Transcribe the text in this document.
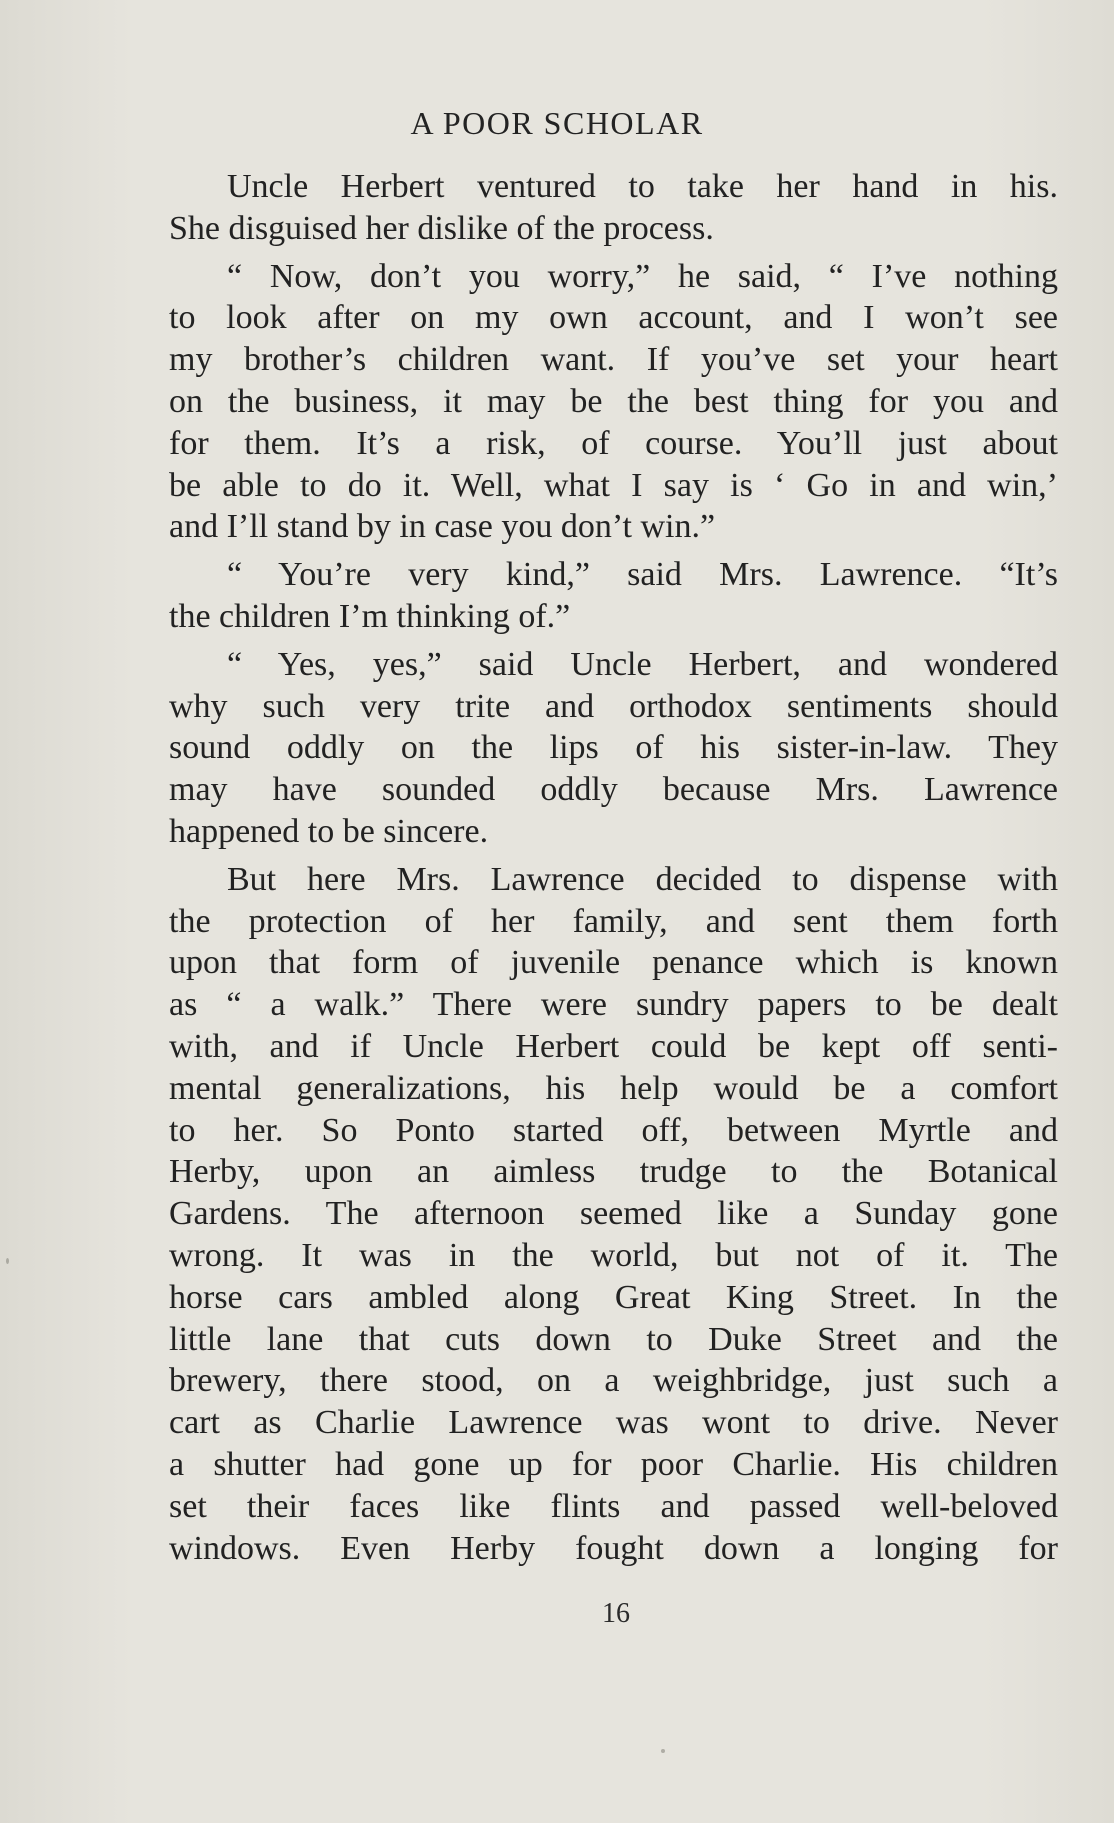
A POOR SCHOLAR
Uncle Herbert ventured to take her hand in his.
She disguised her dislike of the process.
“ Now, don’t you worry,” he said, “ I’ve nothing
to look after on my own account, and I won’t see
my brother’s children want. If you’ve set your heart
on the business, it may be the best thing for you and
for them. It’s a risk, of course. You’ll just about
be able to do it. Well, what I say is ‘ Go in and win,’
and I’ll stand by in case you don’t win.”
“ You’re very kind,” said Mrs. Lawrence. “It’s
the children I’m thinking of.”
“ Yes, yes,” said Uncle Herbert, and wondered
why such very trite and orthodox sentiments should
sound oddly on the lips of his sister-in-law. They
may have sounded oddly because Mrs. Lawrence
happened to be sincere.
But here Mrs. Lawrence decided to dispense with
the protection of her family, and sent them forth
upon that form of juvenile penance which is known
as “ a walk.” There were sundry papers to be dealt
with, and if Uncle Herbert could be kept off senti-
mental generalizations, his help would be a comfort
to her. So Ponto started off, between Myrtle and
Herby, upon an aimless trudge to the Botanical
Gardens. The afternoon seemed like a Sunday gone
wrong. It was in the world, but not of it. The
horse cars ambled along Great King Street. In the
little lane that cuts down to Duke Street and the
brewery, there stood, on a weighbridge, just such a
cart as Charlie Lawrence was wont to drive. Never
a shutter had gone up for poor Charlie. His children
set their faces like flints and passed well-beloved
windows. Even Herby fought down a longing for
16
